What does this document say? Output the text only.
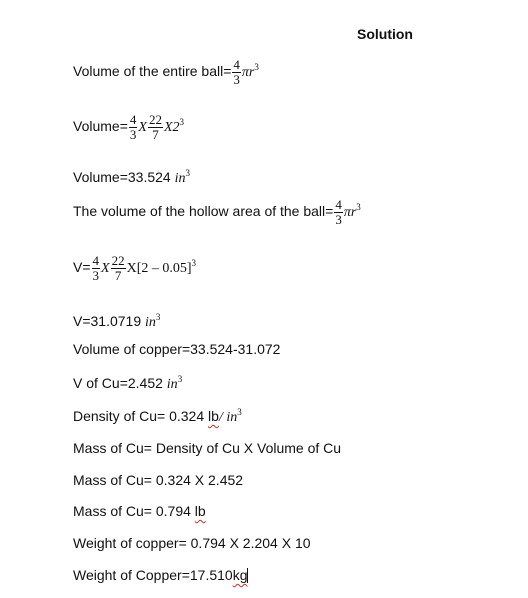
Solution
Volume of the entire ball= $\frac{4}{3} \pi r^3$
Volume= $\frac{4}{3}$ X $\frac{22}{7} X2^3$
Volume=33.524 $in^3$
The volume of the hollow area of the ball= $\frac{4}{3} \pi r^3$
$V= \frac{4}{3}$ X $\frac{22}{7} X[2 - 0.05]^3$
V=31.0719 $in^3$
Volume of copper=33.524-31.072
V of Cu=2.452 $in^3$
Density of Cu= 0.324 lb/ $in^3$
Mass of Cu= Density of Cu X Volume of Cu
Mass of Cu= 0.324 X 2.452
Mass of Cu= 0.794 lb
Weight of copper= 0.794 X 2.204 X 10
Weight of Copper=17.510kg
